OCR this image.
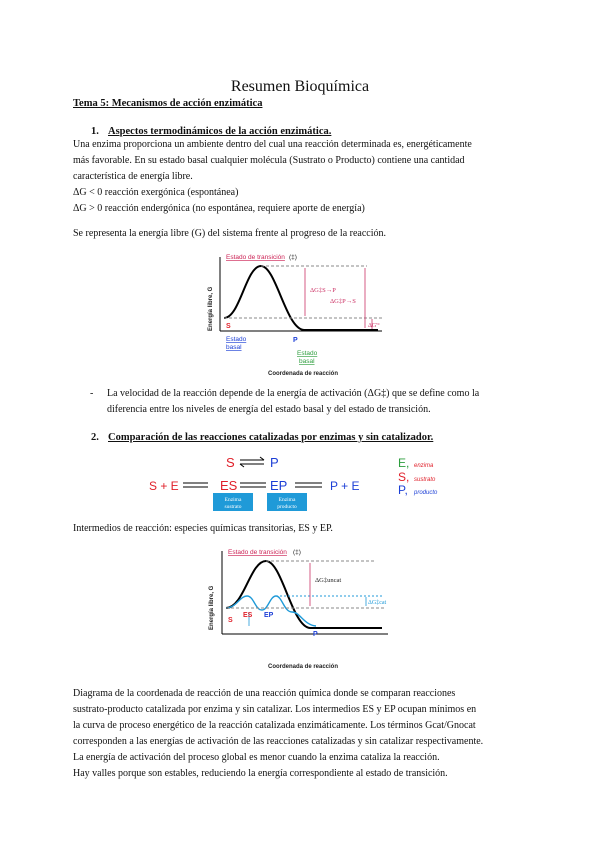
Resumen Bioquímica
Tema 5: Mecanismos de acción enzimática
1. Aspectos termodinámicos de la acción enzimática.
Una enzima proporciona un ambiente dentro del cual una reacción determinada es, energéticamente
más favorable. En su estado basal cualquier molécula (Sustrato o Producto) contiene una cantidad
característica de energía libre.
ΔG < 0 reacción exergónica (espontánea)
ΔG > 0 reacción endergónica (no espontánea, requiere aporte de energía)
Se representa la energía libre (G) del sistema frente al progreso de la reacción.
Estado de transición (‡)
Energía libre, G
Coordenada de reacción
S
P
Estado
basal
Estado
basal
ΔG‡S→P
ΔG‡P→S
ΔG'°
- La velocidad de la reacción depende de la energía de activación (ΔG‡) que se define como la
diferencia entre los niveles de energía del estado basal y del estado de transición.
2. Comparación de las reacciones catalizadas por enzimas y sin catalizador.
S	P
S + E	ES	EP	P + E
Enzima
sustrato
Enzima
producto
E, enzima
S, sustrato
P, producto
Intermedios de reacción: especies químicas transitorias, ES y EP.
Estado de transición (‡)
Energía libre, G
Coordenada de reacción
S
P
ES EP
ΔG‡uncat
ΔG‡cat
Diagrama de la coordenada de reacción de una reacción química donde se comparan reacciones
sustrato-producto catalizada por enzima y sin catalizar. Los intermedios ES y EP ocupan mínimos en
la curva de proceso energético de la reacción catalizada enzimáticamente. Los términos Gcat/Gnocat
corresponden a las energías de activación de las reacciones catalizadas y sin catalizar respectivamente.
La energía de activación del proceso global es menor cuando la enzima cataliza la reacción.
Hay valles porque son estables, reduciendo la energía correspondiente al estado de transición.
